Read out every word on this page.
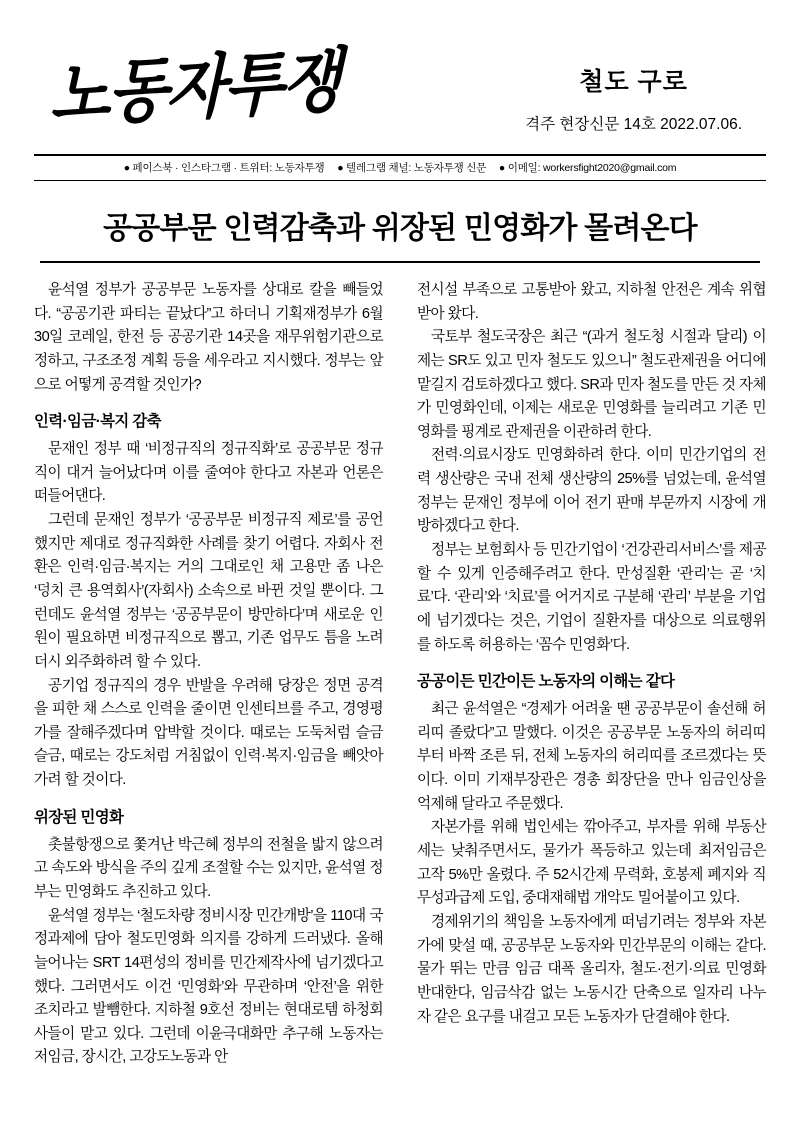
노동자투쟁	철도 구로
격주 현장신문 14호 2022.07.06.
● 페이스북 · 인스타그램 · 트위터: 노동자투쟁 ● 텔레그램 채널: 노동자투쟁 신문 ● 이메일: workersfight2020@gmail.com
공공부문 인력감축과 위장된 민영화가 몰려온다

윤석열 정부가 공공부문 노동자를 상대로 칼을 빼들었다. “공공기관 파티는 끝났다”고 하더니 기획재정부가 6월 30일 코레일, 한전 등 공공기관 14곳을 재무위험기관으로 정하고, 구조조정 계획 등을 세우라고 지시했다. 정부는 앞으로 어떻게 공격할 것인가?

인력·임금·복지 감축

문재인 정부 때 ‘비정규직의 정규직화’로 공공부문 정규직이 대거 늘어났다며 이를 줄여야 한다고 자본과 언론은 떠들어댄다.

그런데 문재인 정부가 ‘공공부문 비정규직 제로’를 공언했지만 제대로 정규직화한 사례를 찾기 어렵다. 자회사 전환은 인력·임금·복지는 거의 그대로인 채 고용만 좀 나은 ‘덩치 큰 용역회사’(자회사) 소속으로 바뀐 것일 뿐이다. 그런데도 윤석열 정부는 ‘공공부문이 방만하다’며 새로운 인원이 필요하면 비정규직으로 뽑고, 기존 업무도 틈을 노려 더시 외주화하려 할 수 있다.

공기업 정규직의 경우 반발을 우려해 당장은 정면 공격을 피한 채 스스로 인력을 줄이면 인센티브를 주고, 경영평가를 잘해주겠다며 압박할 것이다. 때로는 도둑처럼 슬금슬금, 때로는 강도처럼 거침없이 인력·복지·임금을 빼앗아가려 할 것이다.

위장된 민영화

촛불항쟁으로 쫓겨난 박근혜 정부의 전철을 밟지 않으려고 속도와 방식을 주의 깊게 조절할 수는 있지만, 윤석열 정부는 민영화도 추진하고 있다.

윤석열 정부는 ‘철도차량 정비시장 민간개방’을 110대 국정과제에 담아 철도민영화 의지를 강하게 드러냈다. 올해 늘어나는 SRT 14편성의 정비를 민간제작사에 넘기겠다고 했다. 그러면서도 이건 ‘민영화’와 무관하며 ‘안전’을 위한 조치라고 발뺌한다. 지하철 9호선 정비는 현대로템 하청회사들이 맡고 있다. 그런데 이윤극대화만 추구해 노동자는 저임금, 장시간, 고강도노동과 안

전시설 부족으로 고통받아 왔고, 지하철 안전은 계속 위협받아 왔다.

국토부 철도국장은 최근 “(과거 철도청 시절과 달리) 이제는 SR도 있고 민자 철도도 있으니” 철도관제권을 어디에 맡길지 검토하겠다고 했다. SR과 민자 철도를 만든 것 자체가 민영화인데, 이제는 새로운 민영화를 늘리려고 기존 민영화를 핑계로 관제권을 이관하려 한다.

전력·의료시장도 민영화하려 한다. 이미 민간기업의 전력 생산량은 국내 전체 생산량의 25%를 넘었는데, 윤석열 정부는 문재인 정부에 이어 전기 판매 부문까지 시장에 개방하겠다고 한다.

정부는 보험회사 등 민간기업이 ‘건강관리서비스’를 제공할 수 있게 인증해주려고 한다. 만성질환 ‘관리’는 곧 ‘치료’다. ‘관리’와 ‘치료’를 어거지로 구분해 ‘관리’ 부분을 기업에 넘기겠다는 것은, 기업이 질환자를 대상으로 의료행위를 하도록 허용하는 ‘꼼수 민영화’다.

공공이든 민간이든 노동자의 이해는 같다

최근 윤석열은 “경제가 어려울 땐 공공부문이 솔선해 허리띠 졸랐다”고 말했다. 이것은 공공부문 노동자의 허리띠부터 바짝 조른 뒤, 전체 노동자의 허리띠를 조르겠다는 뜻이다. 이미 기재부장관은 경총 회장단을 만나 임금인상을 억제해 달라고 주문했다.

자본가를 위해 법인세는 깎아주고, 부자를 위해 부동산세는 낮춰주면서도, 물가가 폭등하고 있는데 최저임금은 고작 5%만 올렸다. 주 52시간제 무력화, 호봉제 폐지와 직무성과급제 도입, 중대재해법 개악도 밀어붙이고 있다.

경제위기의 책임을 노동자에게 떠넘기려는 정부와 자본가에 맞설 때, 공공부문 노동자와 민간부문의 이해는 같다. 물가 뛰는 만큼 임금 대폭 올리자, 철도·전기·의료 민영화 반대한다, 임금삭감 없는 노동시간 단축으로 일자리 나누자 같은 요구를 내걸고 모든 노동자가 단결해야 한다.
